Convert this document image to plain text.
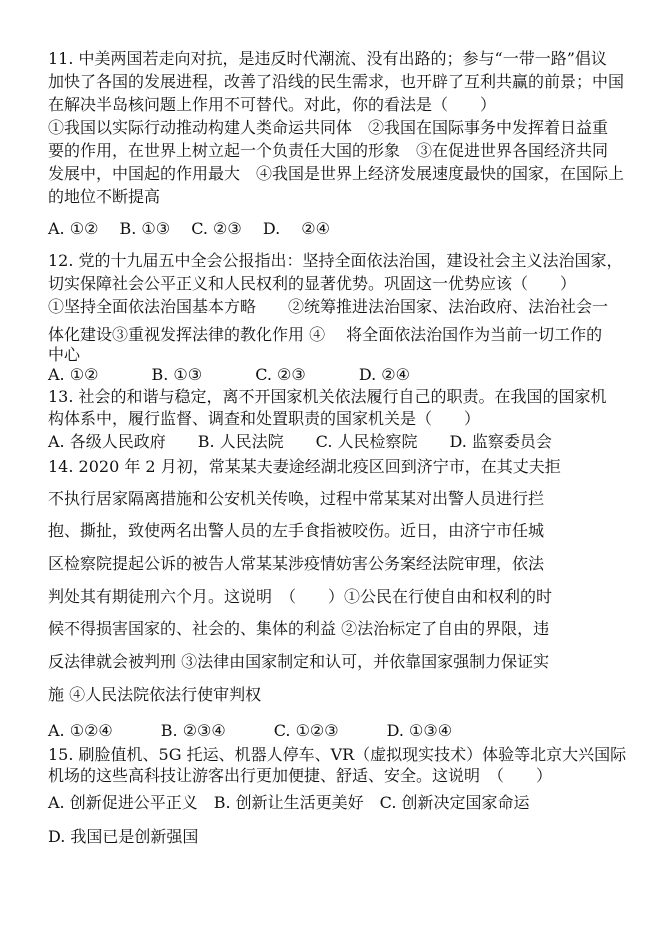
11. 中美两国若走向对抗，是违反时代潮流、没有出路的；参与“一带一路”倡议
加快了各国的发展进程，改善了沿线的民生需求，也开辟了互利共赢的前景；中国
在解决半岛核问题上作用不可替代。对此，你的看法是（　　）
①我国以实际行动推动构建人类命运共同体　②我国在国际事务中发挥着日益重
要的作用，在世界上树立起一个负责任大国的形象　③在促进世界各国经济共同
发展中，中国起的作用最大　④我国是世界上经济发展速度最快的国家，在国际上
的地位不断提高
A. ①②　 B. ①③　 C. ②③　 D.　 ②④
12. 党的十九届五中全会公报指出：坚持全面依法治国，建设社会主义法治国家，
切实保障社会公平正义和人民权利的显著优势。巩固这一优势应该（　　）
①坚持全面依法治国基本方略　　②统筹推进法治国家、法治政府、法治社会一
体化建设③重视发挥法律的教化作用 ④　 将全面依法治国作为当前一切工作的
中心
A. ①②　　　 B. ①③　　　 C. ②③　　　 D. ②④
13. 社会的和谐与稳定，离不开国家机关依法履行自己的职责。在我国的国家机
构体系中，履行监督、调查和处置职责的国家机关是（　　）
A. 各级人民政府　　B. 人民法院　　C. 人民检察院　　D. 监察委员会
14. 2020 年 2 月初，常某某夫妻途经湖北疫区回到济宁市，在其丈夫拒
不执行居家隔离措施和公安机关传唤，过程中常某某对出警人员进行拦
抱、撕扯，致使两名出警人员的左手食指被咬伤。近日，由济宁市任城
区检察院提起公诉的被告人常某某涉疫情妨害公务案经法院审理，依法
判处其有期徒刑六个月。这说明　（　　）①公民在行使自由和权利的时
候不得损害国家的、社会的、集体的利益 ②法治标定了自由的界限，违
反法律就会被判刑 ③法律由国家制定和认可，并依靠国家强制力保证实
施 ④人民法院依法行使审判权
A. ①②④　　　B. ②③④　　　C. ①②③　　　D. ①③④
15. 刷脸值机、5G 托运、机器人停车、VR（虚拟现实技术）体验等北京大兴国际
机场的这些高科技让游客出行更加便捷、舒适、安全。这说明　（　　）
A. 创新促进公平正义　B. 创新让生活更美好　C. 创新决定国家命运
D. 我国已是创新强国
